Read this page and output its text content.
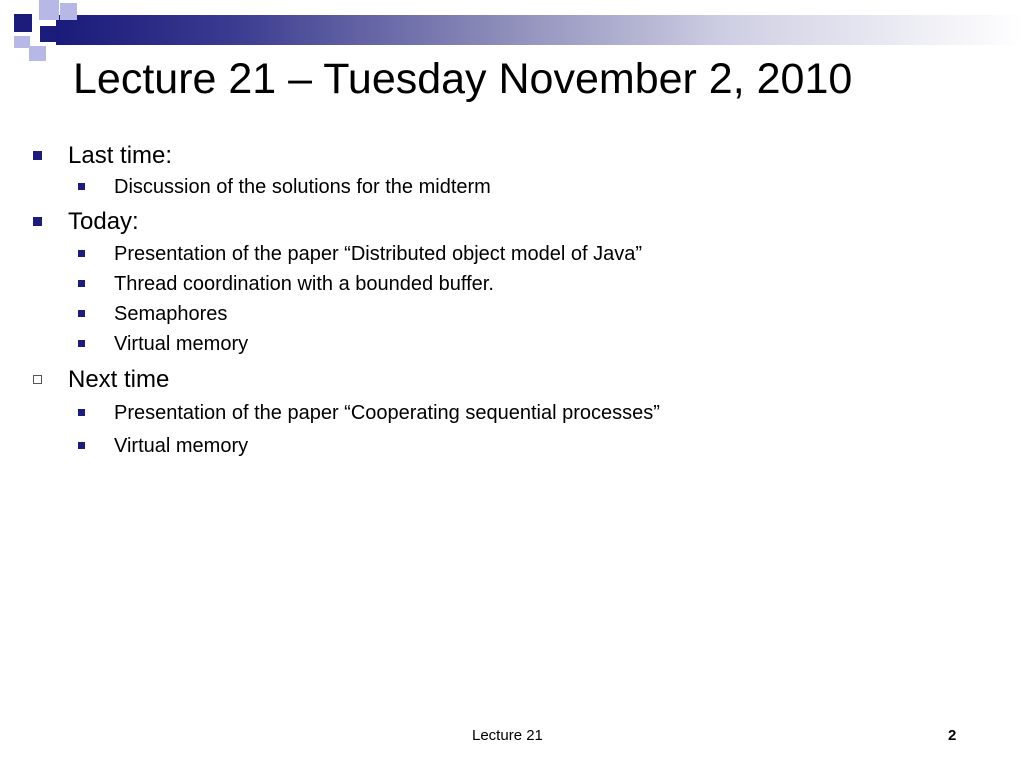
Lecture 21 – Tuesday November 2, 2010
Last time:
Discussion of the solutions for the midterm
Today:
Presentation of the paper “Distributed object model of Java”
Thread coordination with a bounded buffer.
Semaphores
Virtual memory
Next time
Presentation of the paper “Cooperating sequential processes”
Virtual memory
Lecture 21	2
